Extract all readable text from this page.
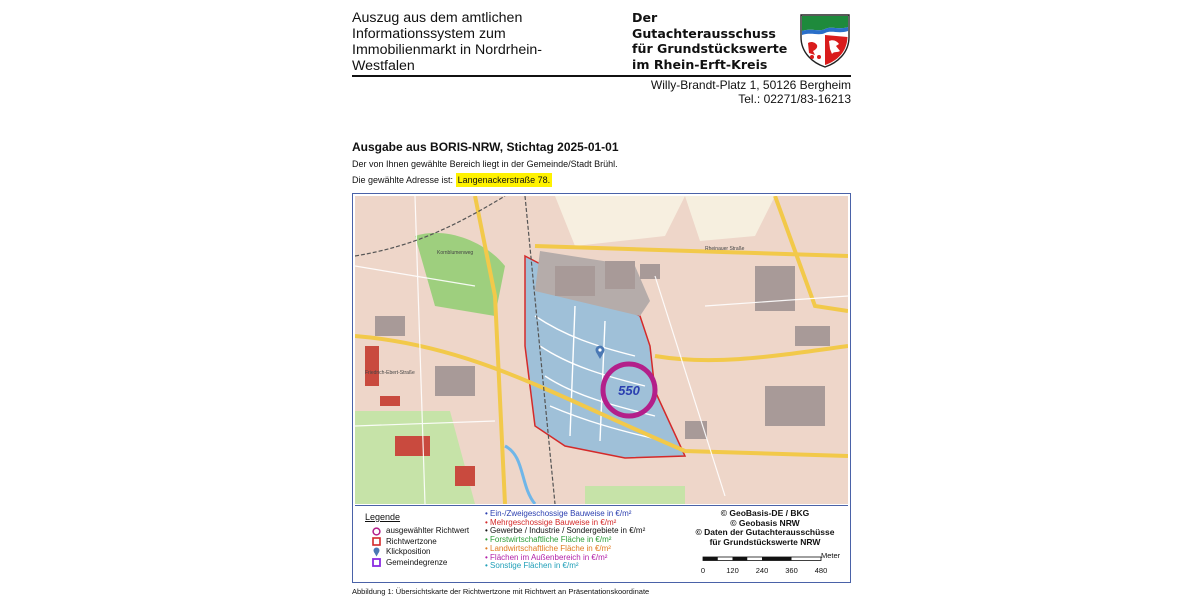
Auszug aus dem amtlichen
Informationssystem zum
Immobilienmarkt in Nordrhein-
Westfalen
Der Gutachterausschuss
für Grundstückswerte
im Rhein-Erft-Kreis
Willy-Brandt-Platz 1, 50126 Bergheim
Tel.: 02271/83-16213
Ausgabe aus BORIS-NRW, Stichtag 2025-01-01
Der von Ihnen gewählte Bereich liegt in der Gemeinde/Stadt Brühl.
Die gewählte Adresse ist: Langenackerstraße 78.
Kornblumenweg
Rheinauer Straße
Friedrich-Ebert-Straße
550
Legende
ausgewählter Richtwert
Richtwertzone
Klickposition
Gemeindegrenze
• Ein-/Zweigeschossige Bauweise in €/m²
• Mehrgeschossige Bauweise in €/m²
• Gewerbe / Industrie / Sondergebiete in €/m²
• Forstwirtschaftliche Fläche in €/m²
• Landwirtschaftliche Fläche in €/m²
• Flächen im Außenbereich in €/m²
• Sonstige Flächen in €/m²
© GeoBasis-DE / BKG
© Geobasis NRW
© Daten der Gutachterausschüsse
für Grundstückswerte NRW
Meter
0	120 240 360 480
Abbildung 1: Übersichtskarte der Richtwertzone mit Richtwert an Präsentationskoordinate
